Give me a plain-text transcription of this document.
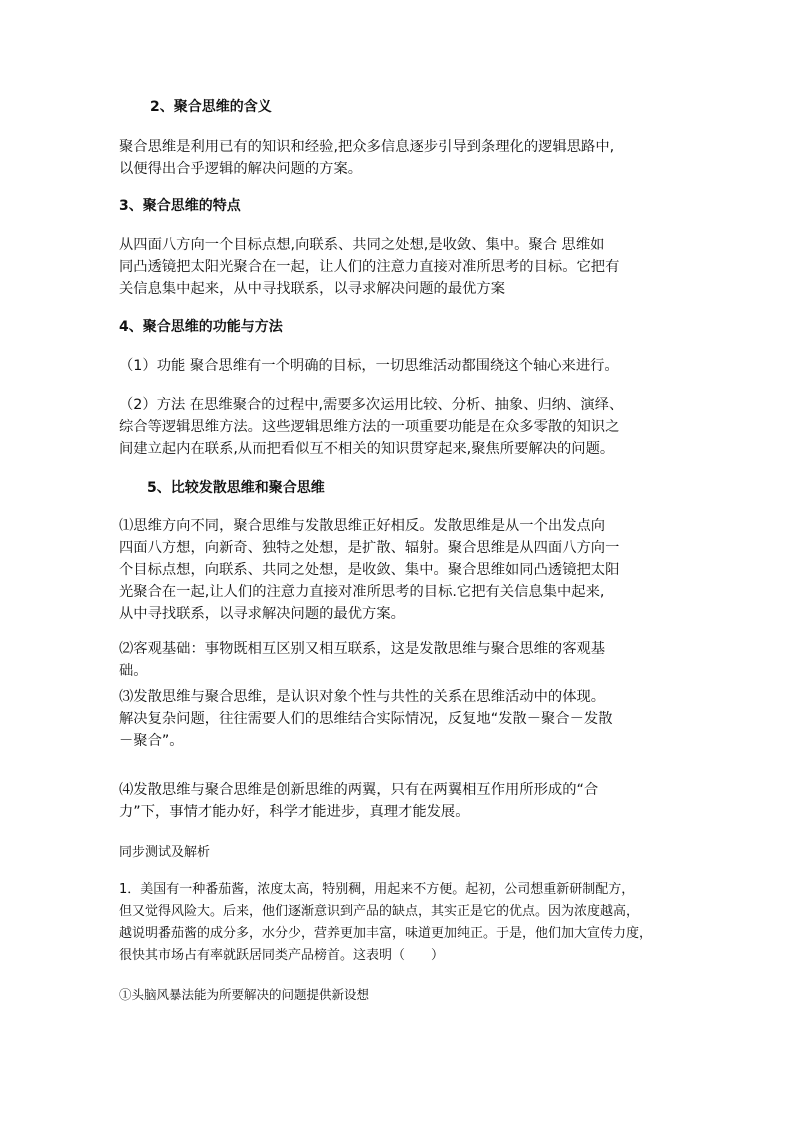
2、聚合思维的含义
聚合思维是利用已有的知识和经验,把众多信息逐步引导到条理化的逻辑思路中,
以便得出合乎逻辑的解决问题的方案。
3、聚合思维的特点
从四面八方向一个目标点想,向联系、共同之处想,是收敛、集中。聚合 思维如
同凸透镜把太阳光聚合在一起，让人们的注意力直接对准所思考的目标。它把有
关信息集中起来，从中寻找联系，以寻求解决问题的最优方案
4、聚合思维的功能与方法
（1）功能 聚合思维有一个明确的目标，一切思维活动都围绕这个轴心来进行。
（2）方法 在思维聚合的过程中,需要多次运用比较、分析、抽象、归纳、演绎、
综合等逻辑思维方法。这些逻辑思维方法的一项重要功能是在众多零散的知识之
间建立起内在联系,从而把看似互不相关的知识贯穿起来,聚焦所要解决的问题。
5、比较发散思维和聚合思维
⑴思维方向不同，聚合思维与发散思维正好相反。发散思维是从一个出发点向
四面八方想，向新奇、独特之处想，是扩散、辐射。聚合思维是从四面八方向一
个目标点想，向联系、共同之处想，是收敛、集中。聚合思维如同凸透镜把太阳
光聚合在一起,让人们的注意力直接对准所思考的目标.它把有关信息集中起来,
从中寻找联系，以寻求解决问题的最优方案。
⑵客观基础：事物既相互区别又相互联系，这是发散思维与聚合思维的客观基
础。
⑶发散思维与聚合思维，是认识对象个性与共性的关系在思维活动中的体现。
解决复杂问题，往往需要人们的思维结合实际情况，反复地“发散－聚合－发散
－聚合”。
⑷发散思维与聚合思维是创新思维的两翼，只有在两翼相互作用所形成的“合
力”下，事情才能办好，科学才能进步，真理才能发展。
同步测试及解析
1．美国有一种番茄酱，浓度太高，特别稠，用起来不方便。起初，公司想重新研制配方，
但又觉得风险大。后来，他们逐渐意识到产品的缺点，其实正是它的优点。因为浓度越高，
越说明番茄酱的成分多，水分少，营养更加丰富，味道更加纯正。于是，他们加大宣传力度，
很快其市场占有率就跃居同类产品榜首。这表明（　　）
①头脑风暴法能为所要解决的问题提供新设想
